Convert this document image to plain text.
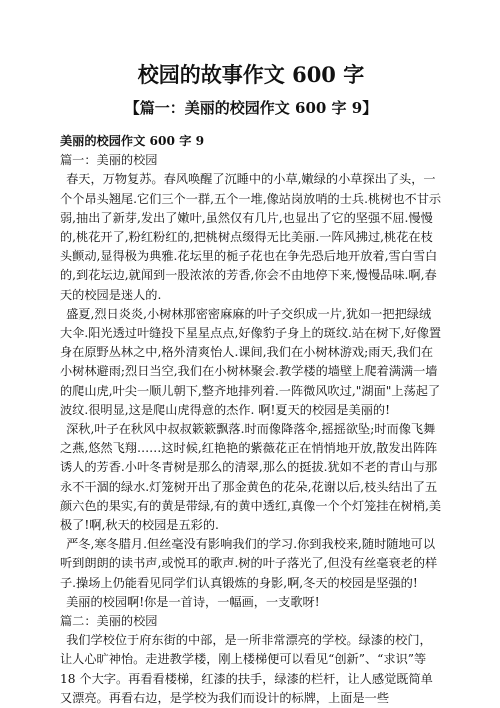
校园的故事作文 600 字
【篇一：美丽的校园作文 600 字 9】

美丽的校园作文 600 字 9

篇一：美丽的校园

春天，万物复苏。春风唤醒了沉睡中的小草,嫩绿的小草探出了头，一个个昂头翘尾.它们三个一群,五个一堆,像站岗放哨的士兵.桃树也不甘示弱,抽出了新芽,发出了嫩叶,虽然仅有几片,也显出了它的坚强不屈.慢慢的,桃花开了,粉红粉红的,把桃树点缀得无比美丽.一阵风拂过,桃花在枝头颤动,显得极为典雅.花坛里的栀子花也在争先恐后地开放着,雪白雪白的,到花坛边,就闻到一股浓浓的芳香,你会不由地停下来,慢慢品味.啊,春天的校园是迷人的.

盛夏,烈日炎炎,小树林那密密麻麻的叶子交织成一片,犹如一把把绿绒大伞.阳光透过叶缝投下星星点点,好像豹子身上的斑纹.站在树下,好像置身在原野丛林之中,格外清爽怡人.课间,我们在小树林游戏;雨天,我们在小树林避雨;烈日当空,我们在小树林聚会.教学楼的墙壁上爬着满满一墙的爬山虎,叶尖一顺儿朝下,整齐地排列着.一阵微风吹过,"湖面"上荡起了波纹.很明显,这是爬山虎得意的杰作. 啊!夏天的校园是美丽的!

深秋,叶子在秋风中叔叔簌簌飘落.时而像降落伞,摇摇欲坠;时而像飞舞之燕,悠然飞翔……这时候,红艳艳的紫薇花正在悄悄地开放,散发出阵阵诱人的芳香.小叶冬青树是那么的清翠,那么的挺拔.犹如不老的青山与那永不干涸的绿水.灯笼树开出了那金黄色的花朵,花谢以后,枝头结出了五颜六色的果实,有的黄是带绿,有的黄中透红,真像一个个灯笼挂在树梢,美极了!啊,秋天的校园是五彩的.

严冬,寒冬腊月.但丝毫没有影响我们的学习.你到我校来,随时随地可以听到朗朗的读书声,或悦耳的歌声.树的叶子落光了,但没有丝毫衰老的样子.操场上仍能看见同学们认真锻炼的身影,啊,冬天的校园是坚强的!

美丽的校园啊!你是一首诗，一幅画，一支歌呀!

篇二：美丽的校园

我们学校位于府东街的中部，是一所非常漂亮的学校。绿漆的校门，让人心旷神怡。走进教学楼，刚上楼梯便可以看见“创新”、“求识”等 18 个大字。再看看楼梯，红漆的扶手，绿漆的栏杆，让人感觉既简单又漂亮。再看右边，是学校为我们而设计的标牌，上面是一些
